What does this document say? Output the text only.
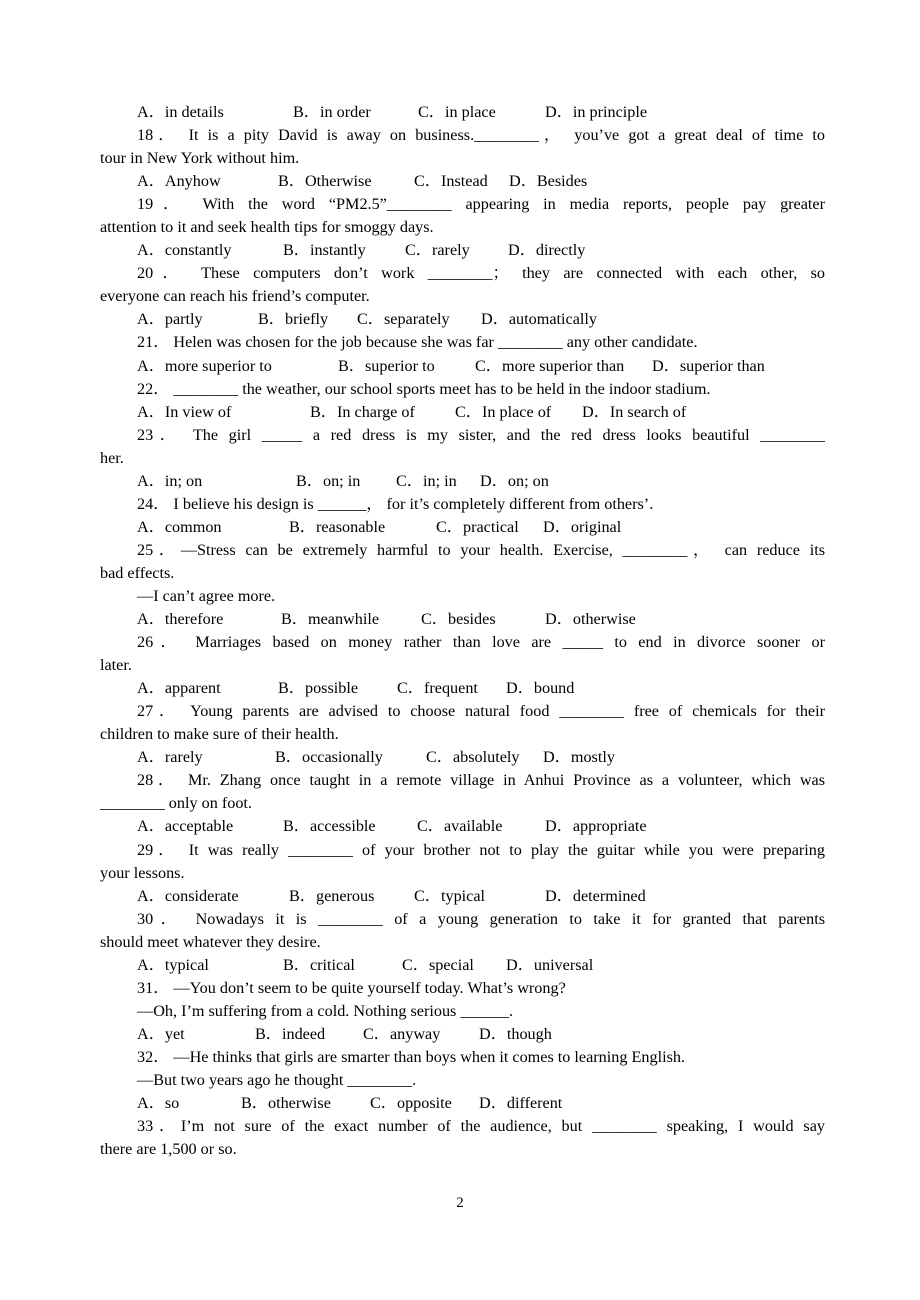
A．in details	B．in order	C．in place	D．in principle
18． It is a pity David is away on business.________， you’ve got a great deal of time to
tour in New York without him.
A．Anyhow	B．Otherwise	C．Instead D．Besides
19． With the word “PM2.5”________ appearing in media reports, people pay greater
attention to it and seek health tips for smoggy days.
A．constantly	B．instantly C．rarely D．directly
20． These computers don’t work ________； they are connected with each other, so
everyone can reach his friend’s computer.
A．partly	B．briefly C．separately D．automatically
21． Helen was chosen for the job because she was far ________ any other candidate.
A．more superior to	B．superior to C．more superior than D．superior than
22． ________ the weather, our school sports meet has to be held in the indoor stadium.
A．In view of	B．In charge of C．In place of D．In search of
23． The girl _____ a red dress is my sister, and the red dress looks beautiful ________
her.
A．in; on	B．on; in C．in; in D．on; on
24． I believe his design is ______， for it’s completely different from others’.
A．common	B．reasonable	C．practical D．original
25．—Stress can be extremely harmful to your health. Exercise, ________， can reduce its
bad effects.
—I can’t agree more.
A．therefore	B．meanwhile	C．besides	D．otherwise
26． Marriages based on money rather than love are _____ to end in divorce sooner or
later.
A．apparent	B．possible C．frequent D．bound
27． Young parents are advised to choose natural food ________ free of chemicals for their
children to make sure of their health.
A．rarely	B．occasionally	C．absolutely D．mostly
28． Mr. Zhang once taught in a remote village in Anhui Province as a volunteer, which was
________ only on foot.
A．acceptable	B．accessible	C．available	D．appropriate
29． It was really ________ of your brother not to play the guitar while you were preparing
your lessons.
A．considerate	B．generous C．typical	D．determined
30． Nowadays it is ________ of a young generation to take it for granted that parents
should meet whatever they desire.
A．typical	B．critical	C．special D．universal
31． —You don’t seem to be quite yourself today. What’s wrong?
—Oh, I’m suffering from a cold. Nothing serious ______.
A．yet	B．indeed C．anyway D．though
32． —He thinks that girls are smarter than boys when it comes to learning English.
—But two years ago he thought ________.
A．so	B．otherwise C．opposite D．different
33．I’m not sure of the exact number of the audience, but ________ speaking, I would say
there are 1,500 or so.
2
